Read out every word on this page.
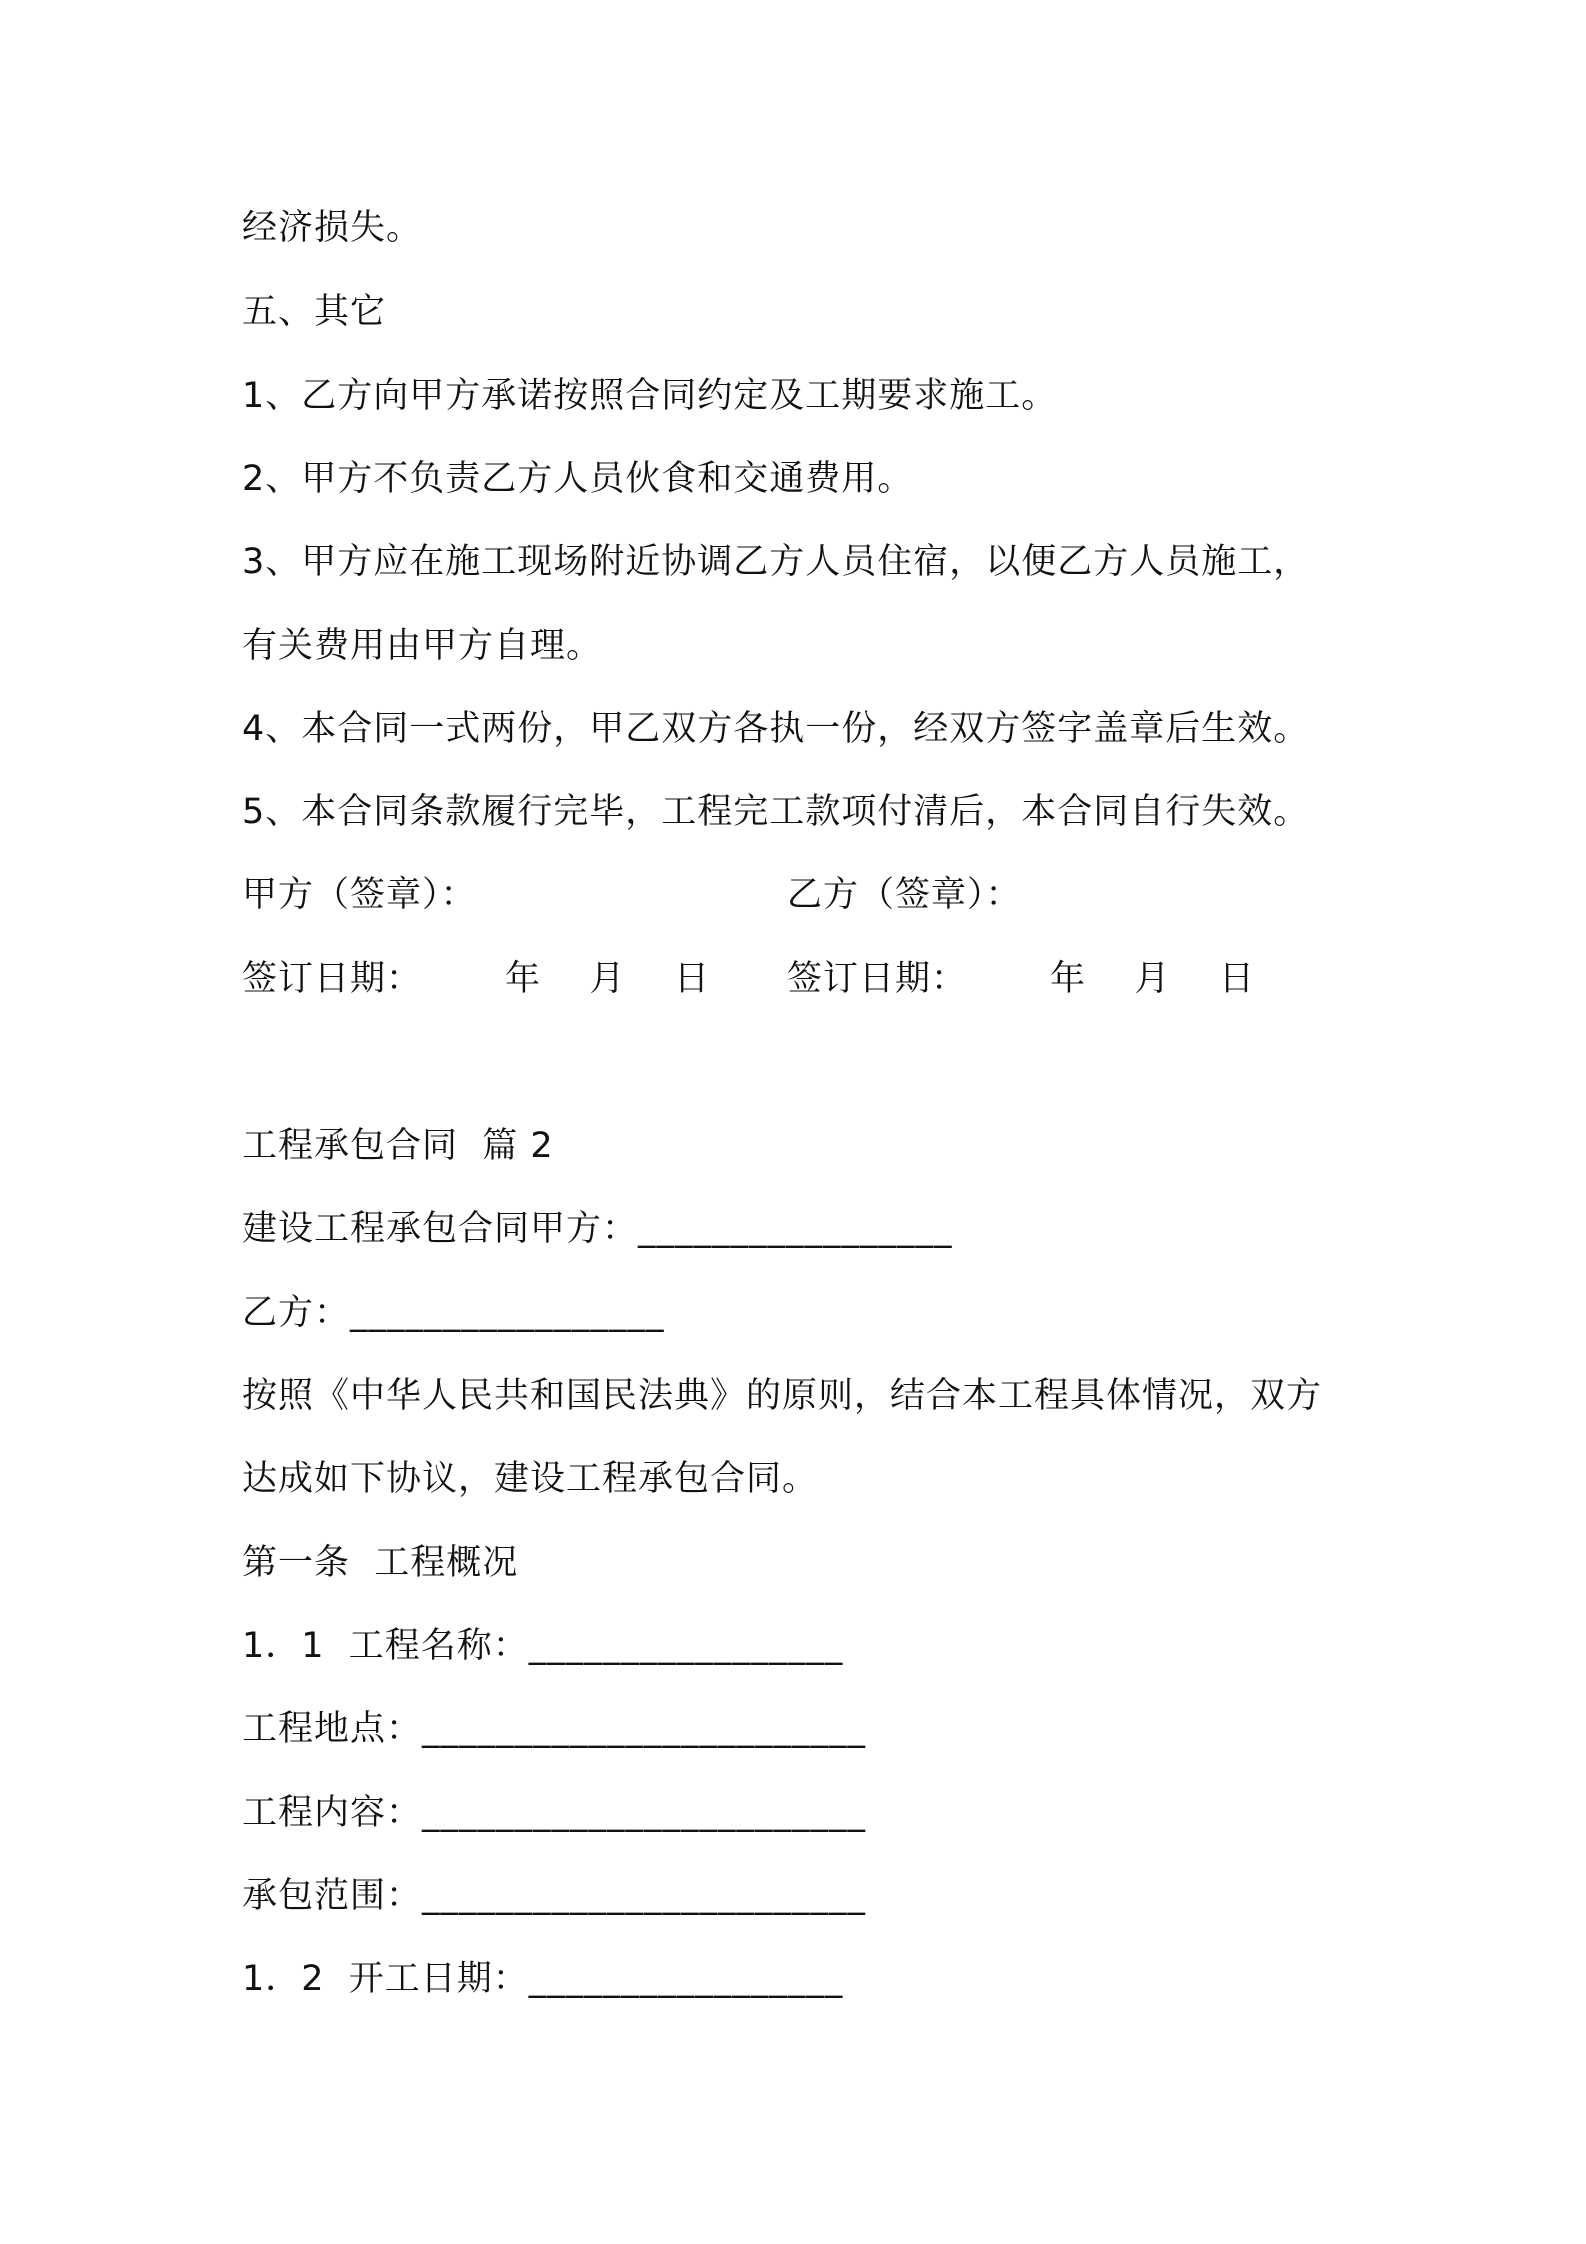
经济损失。
五、其它
1、乙方向甲方承诺按照合同约定及工期要求施工。
2、甲方不负责乙方人员伙食和交通费用。
3、甲方应在施工现场附近协调乙方人员住宿，以便乙方人员施工，
有关费用由甲方自理。
4、本合同一式两份，甲乙双方各执一份，经双方签字盖章后生效。
5、本合同条款履行完毕，工程完工款项付清后，本合同自行失效。
甲方（签章）：	乙方（签章）：
签订日期： 年    月    日 签订日期： 年    月    日
工程承包合同  篇 2
建设工程承包合同甲方：_________________
乙方：_________________
按照《中华人民共和国民法典》的原则，结合本工程具体情况，双方
达成如下协议，建设工程承包合同。
第一条  工程概况
1．1  工程名称：_________________
工程地点：________________________
工程内容：________________________
承包范围：________________________
1．2  开工日期：_________________
